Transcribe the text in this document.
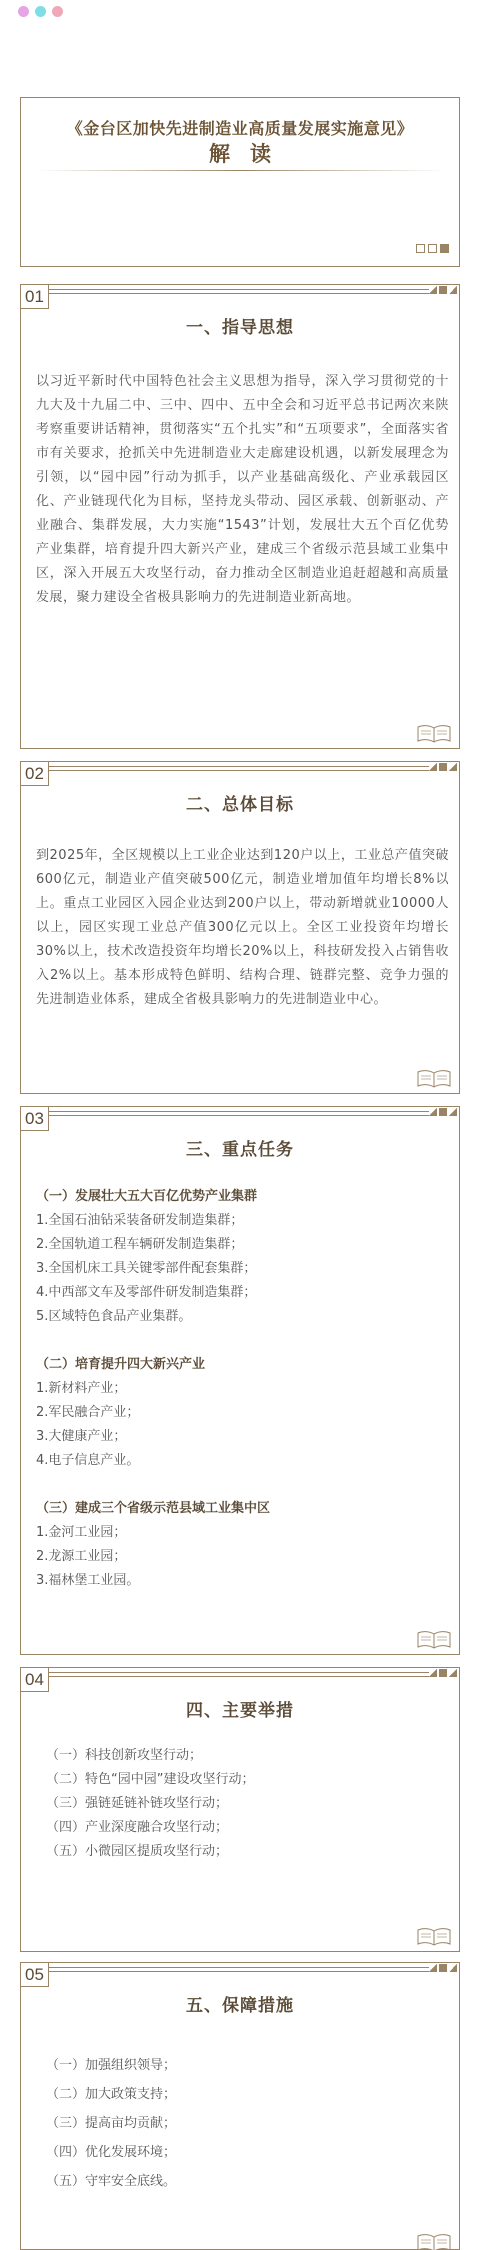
《金台区加快先进制造业高质量发展实施意见》
解读
01
一、指导思想
以习近平新时代中国特色社会主义思想为指导，深入学习贯彻党的十九大及十九届二中、三中、四中、五中全会和习近平总书记两次来陕考察重要讲话精神，贯彻落实“五个扎实”和“五项要求”，全面落实省市有关要求，抢抓关中先进制造业大走廊建设机遇，以新发展理念为引领，以“园中园”行动为抓手，以产业基础高级化、产业承载园区化、产业链现代化为目标，坚持龙头带动、园区承载、创新驱动、产业融合、集群发展，大力实施“1543”计划，发展壮大五个百亿优势产业集群，培育提升四大新兴产业，建成三个省级示范县域工业集中区，深入开展五大攻坚行动，奋力推动全区制造业追赶超越和高质量发展，聚力建设全省极具影响力的先进制造业新高地。
02
二、总体目标
到2025年，全区规模以上工业企业达到120户以上，工业总产值突破600亿元，制造业产值突破500亿元，制造业增加值年均增长8%以上。重点工业园区入园企业达到200户以上，带动新增就业10000人以上，园区实现工业总产值300亿元以上。全区工业投资年均增长30%以上，技术改造投资年均增长20%以上，科技研发投入占销售收入2%以上。基本形成特色鲜明、结构合理、链群完整、竞争力强的先进制造业体系，建成全省极具影响力的先进制造业中心。
03
三、重点任务
（一）发展壮大五大百亿优势产业集群
1.全国石油钻采装备研发制造集群；
2.全国轨道工程车辆研发制造集群；
3.全国机床工具关键零部件配套集群；
4.中西部文车及零部件研发制造集群；
5.区域特色食品产业集群。
（二）培育提升四大新兴产业
1.新材料产业；
2.军民融合产业；
3.大健康产业；
4.电子信息产业。
（三）建成三个省级示范县域工业集中区
1.金河工业园；
2.龙源工业园；
3.福林堡工业园。
04
四、主要举措
（一）科技创新攻坚行动；
（二）特色“园中园”建设攻坚行动；
（三）强链延链补链攻坚行动；
（四）产业深度融合攻坚行动；
（五）小微园区提质攻坚行动；
05
五、保障措施
（一）加强组织领导；
（二）加大政策支持；
（三）提高亩均贡献；
（四）优化发展环境；
（五）守牢安全底线。
